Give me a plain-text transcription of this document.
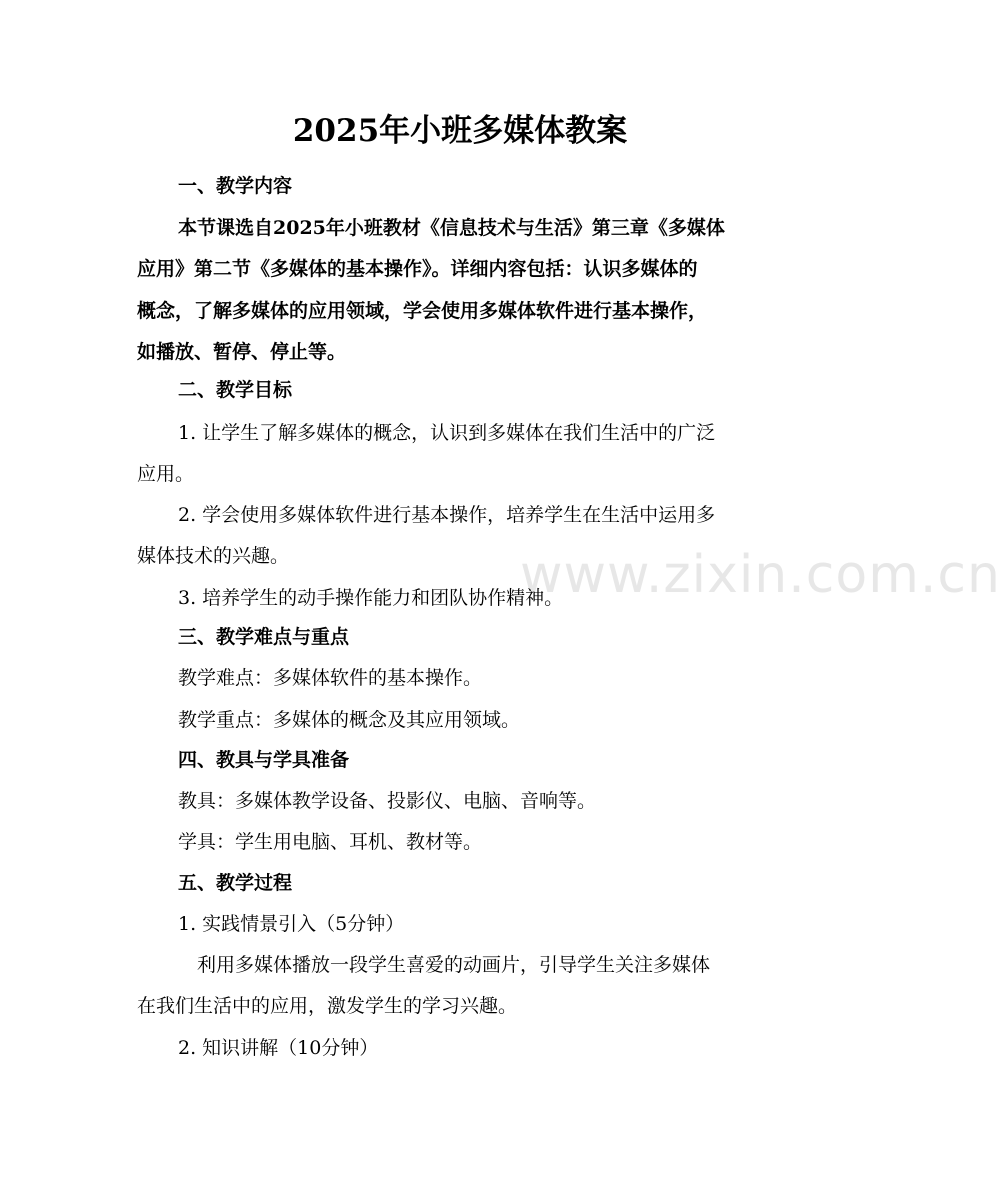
www.zixin.com.cn
2025年小班多媒体教案
一、教学内容
本节课选自2025年小班教材《信息技术与生活》第三章《多媒体
应用》第二节《多媒体的基本操作》。详细内容包括：认识多媒体的
概念，了解多媒体的应用领域，学会使用多媒体软件进行基本操作，
如播放、暂停、停止等。
二、教学目标
1. 让学生了解多媒体的概念，认识到多媒体在我们生活中的广泛
应用。
2. 学会使用多媒体软件进行基本操作，培养学生在生活中运用多
媒体技术的兴趣。
3. 培养学生的动手操作能力和团队协作精神。
三、教学难点与重点
教学难点：多媒体软件的基本操作。
教学重点：多媒体的概念及其应用领域。
四、教具与学具准备
教具：多媒体教学设备、投影仪、电脑、音响等。
学具：学生用电脑、耳机、教材等。
五、教学过程
1. 实践情景引入（5分钟）
利用多媒体播放一段学生喜爱的动画片，引导学生关注多媒体
在我们生活中的应用，激发学生的学习兴趣。
2. 知识讲解（10分钟）
